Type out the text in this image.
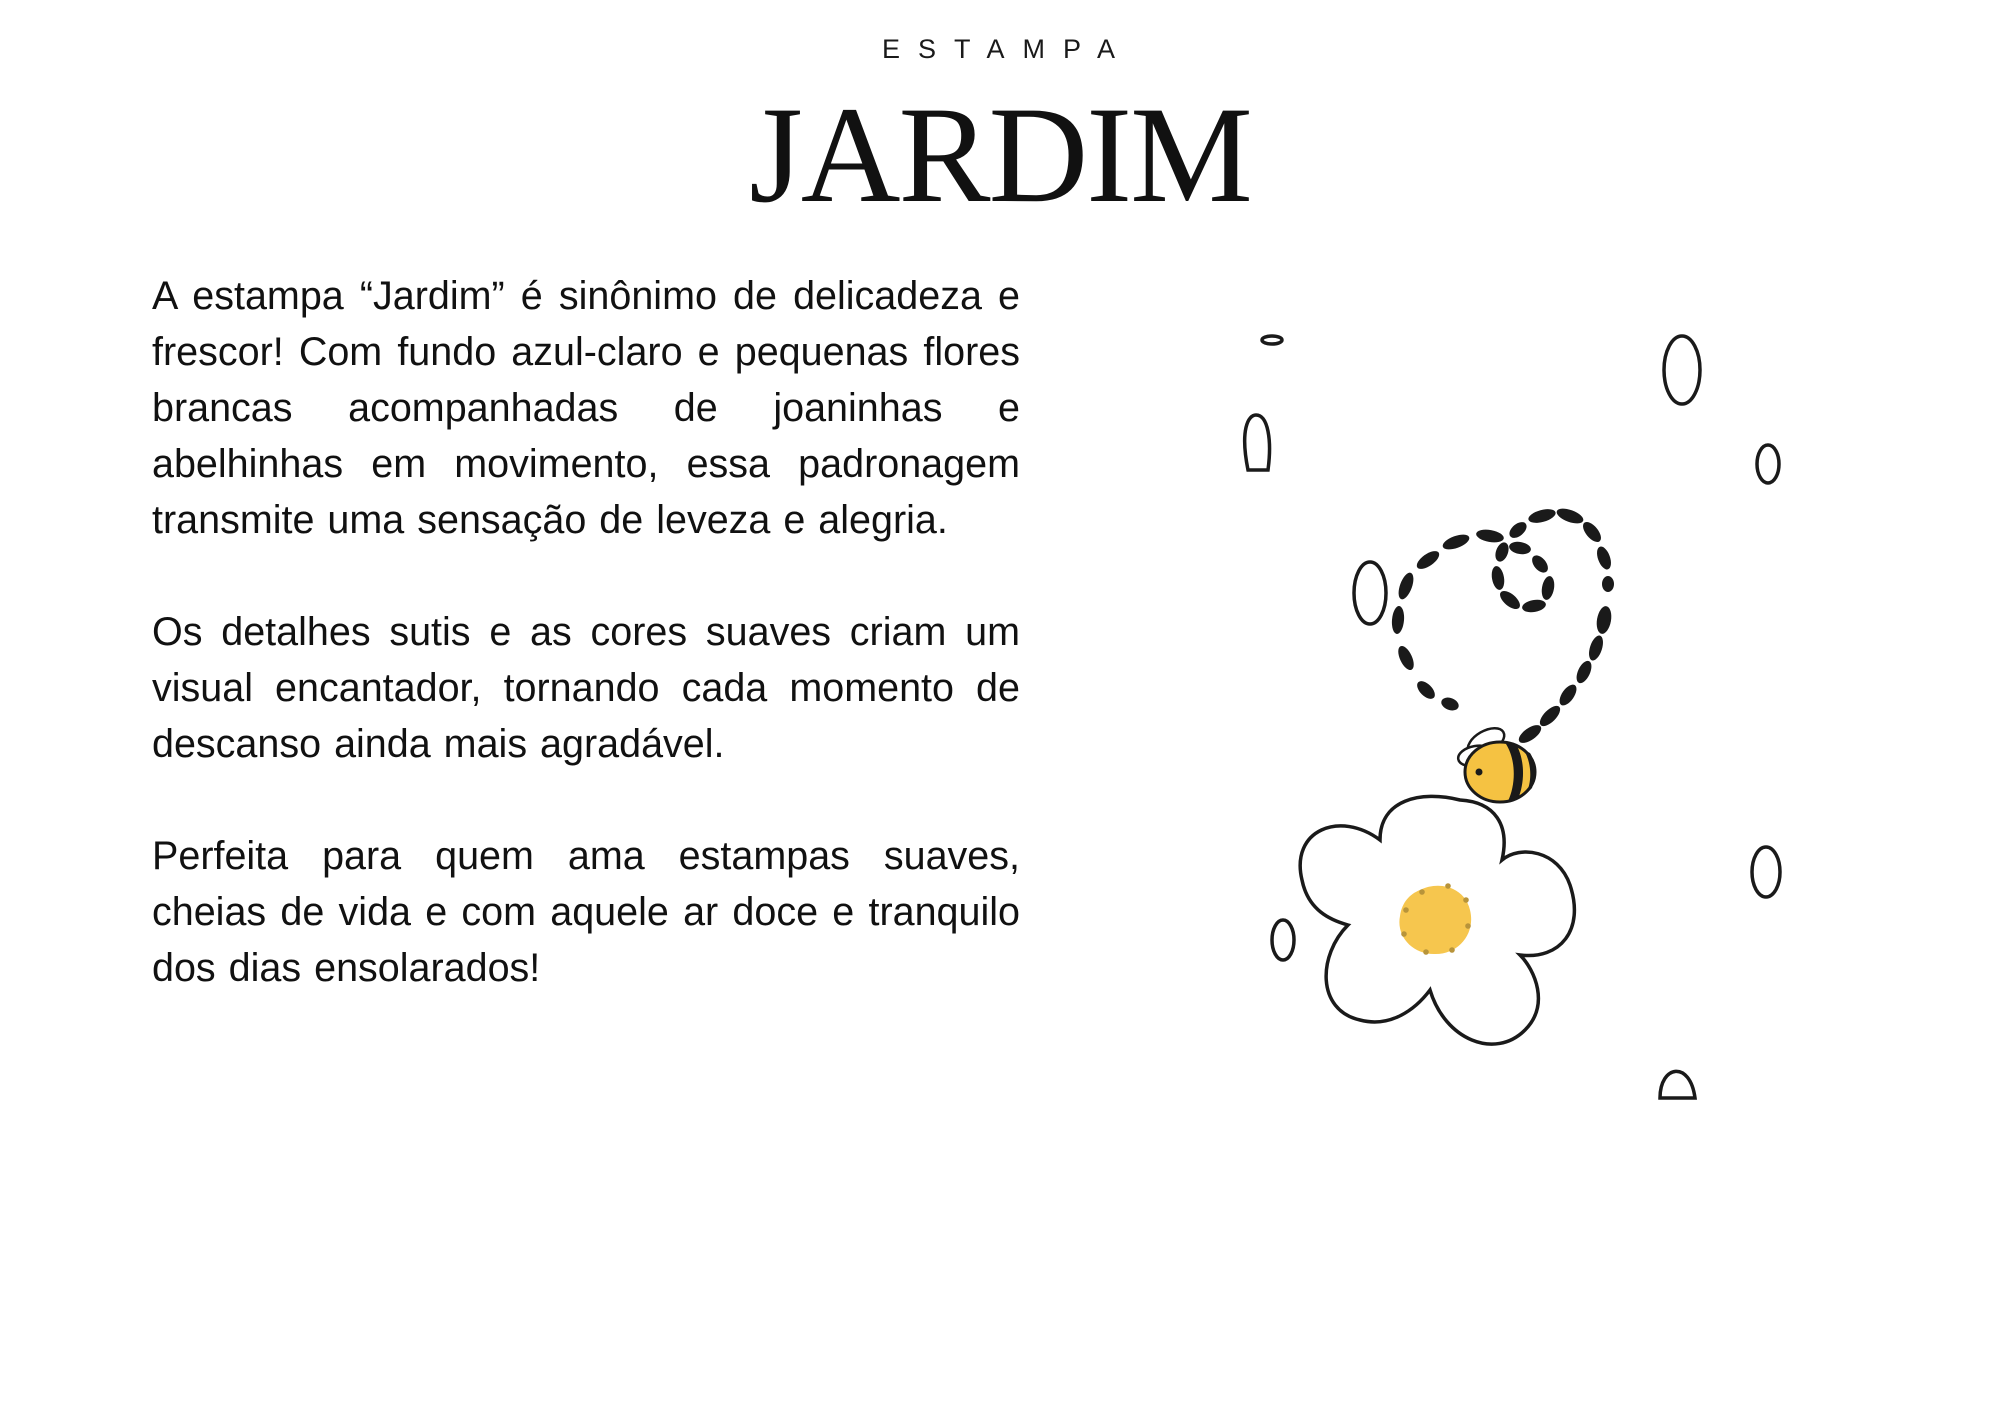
ESTAMPA
JARDIM

A estampa “Jardim” é sinônimo de delicadeza e frescor! Com fundo azul-claro e pequenas flores brancas acompanhadas de joaninhas e abelhinhas em movimento, essa padronagem transmite uma sensação de leveza e alegria.

Os detalhes sutis e as cores suaves criam um visual encantador, tornando cada momento de descanso ainda mais agradável.

Perfeita para quem ama estampas suaves, cheias de vida e com aquele ar doce e tranquilo dos dias ensolarados!
